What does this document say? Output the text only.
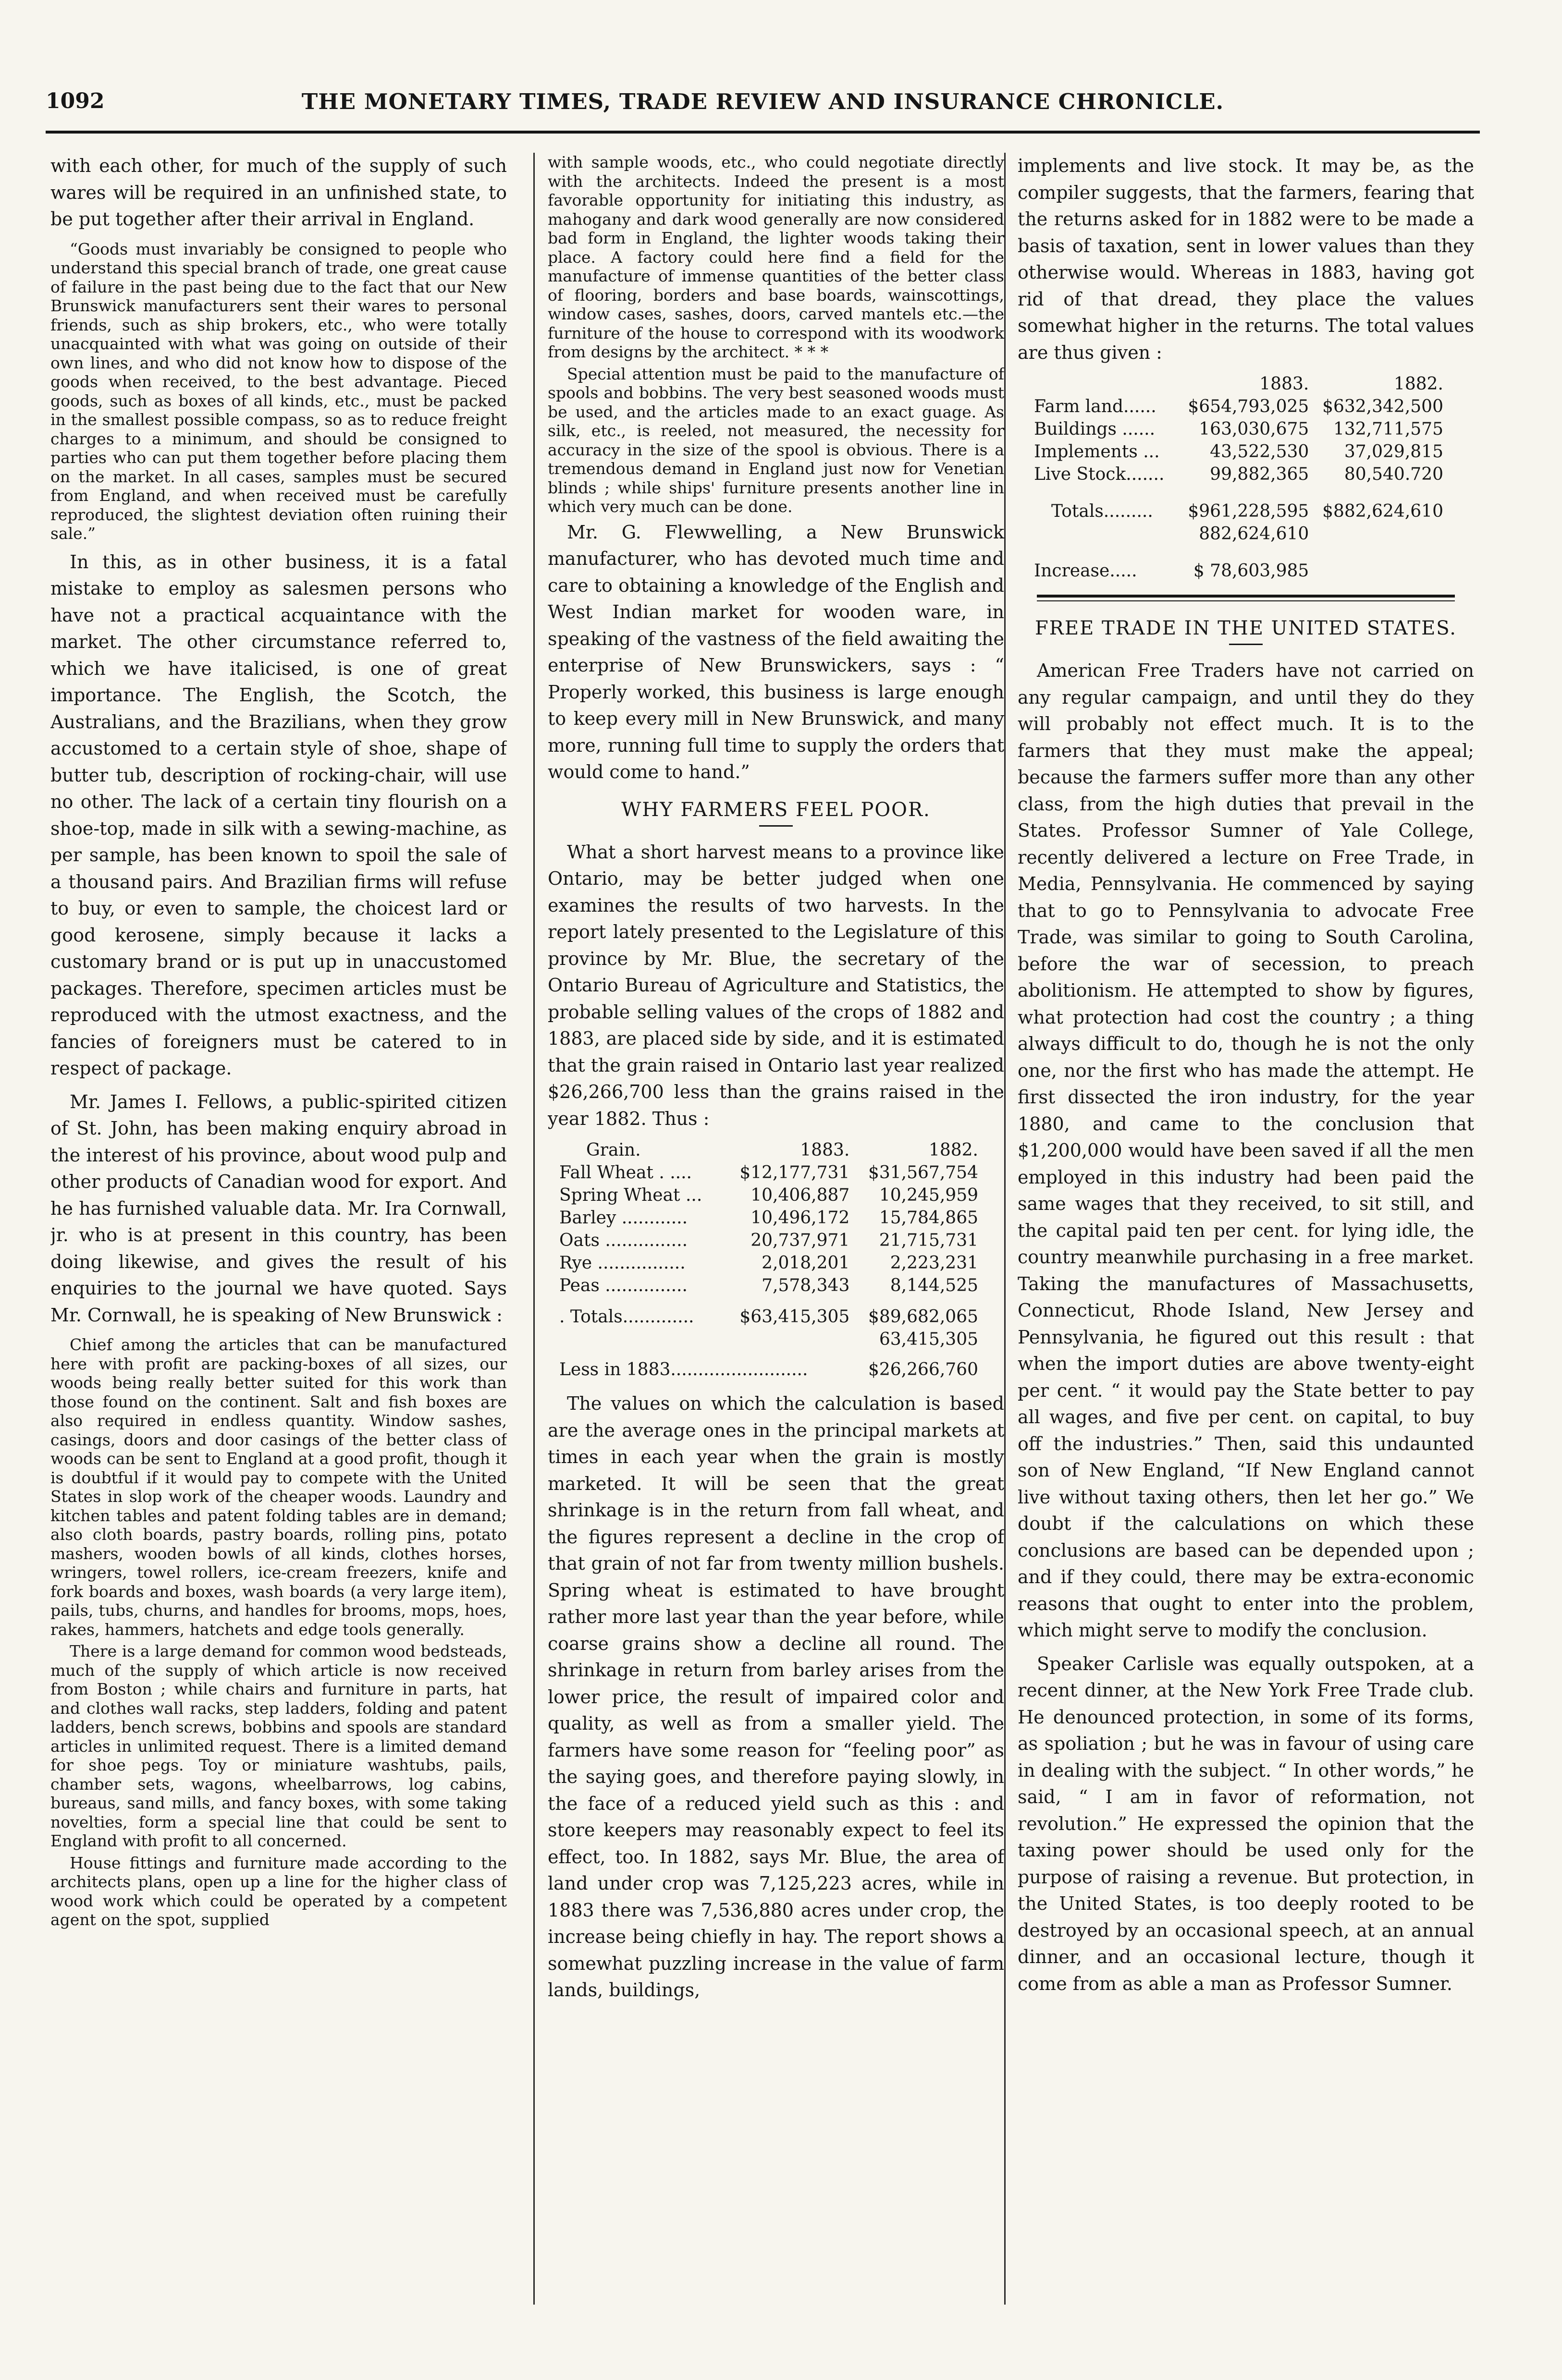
1092	THE MONETARY TIMES, TRADE REVIEW AND INSURANCE CHRONICLE.

with each other, for much of the supply of such wares will be required in an unfinished state, to be put together after their arrival in England.

“Goods must invariably be consigned to people who understand this special branch of trade, one great cause of failure in the past being due to the fact that our New Brunswick manufacturers sent their wares to personal friends, such as ship brokers, etc., who were totally unacquainted with what was going on outside of their own lines, and who did not know how to dispose of the goods when received, to the best advantage. Pieced goods, such as boxes of all kinds, etc., must be packed in the smallest possible compass, so as to reduce freight charges to a minimum, and should be consigned to parties who can put them together before placing them on the market. In all cases, samples must be secured from England, and when received must be carefully reproduced, the slightest deviation often ruining their sale.”

In this, as in other business, it is a fatal mistake to employ as salesmen persons who have not a practical acquaintance with the market. The other circumstance referred to, which we have italicised, is one of great importance. The English, the Scotch, the Australians, and the Brazilians, when they grow accustomed to a certain style of shoe, shape of butter tub, description of rocking-chair, will use no other. The lack of a certain tiny flourish on a shoe-top, made in silk with a sewing-machine, as per sample, has been known to spoil the sale of a thousand pairs. And Brazilian firms will refuse to buy, or even to sample, the choicest lard or good kerosene, simply because it lacks a customary brand or is put up in unaccustomed packages. Therefore, specimen articles must be reproduced with the utmost exactness, and the fancies of foreigners must be catered to in respect of package.

Mr. James I. Fellows, a public-spirited citizen of St. John, has been making enquiry abroad in the interest of his province, about wood pulp and other products of Canadian wood for export. And he has furnished valuable data. Mr. Ira Cornwall, jr. who is at present in this country, has been doing likewise, and gives the result of his enquiries to the journal we have quoted. Says Mr. Cornwall, he is speaking of New Brunswick :

Chief among the articles that can be manufactured here with profit are packing-boxes of all sizes, our woods being really better suited for this work than those found on the continent. Salt and fish boxes are also required in endless quantity. Window sashes, casings, doors and door casings of the better class of woods can be sent to England at a good profit, though it is doubtful if it would pay to compete with the United States in slop work of the cheaper woods. Laundry and kitchen tables and patent folding tables are in demand; also cloth boards, pastry boards, rolling pins, potato mashers, wooden bowls of all kinds, clothes horses, wringers, towel rollers, ice-cream freezers, knife and fork boards and boxes, wash boards (a very large item), pails, tubs, churns, and handles for brooms, mops, hoes, rakes, hammers, hatchets and edge tools generally.

There is a large demand for common wood bedsteads, much of the supply of which article is now received from Boston ; while chairs and furniture in parts, hat and clothes wall racks, step ladders, folding and patent ladders, bench screws, bobbins and spools are standard articles in unlimited request. There is a limited demand for shoe pegs. Toy or miniature washtubs, pails, chamber sets, wagons, wheelbarrows, log cabins, bureaus, sand mills, and fancy boxes, with some taking novelties, form a special line that could be sent to England with profit to all concerned.

House fittings and furniture made according to the architects plans, open up a line for the higher class of wood work which could be operated by a competent agent on the spot, supplied

with sample woods, etc., who could negotiate directly with the architects. Indeed the present is a most favorable opportunity for initiating this industry, as mahogany and dark wood generally are now considered bad form in England, the lighter woods taking their place. A factory could here find a field for the manufacture of immense quantities of the better class of flooring, borders and base boards, wainscottings, window cases, sashes, doors, carved mantels etc.—the furniture of the house to correspond with its woodwork from designs by the architect. * * *

Special attention must be paid to the manufacture of spools and bobbins. The very best seasoned woods must be used, and the articles made to an exact guage. As silk, etc., is reeled, not measured, the necessity for accuracy in the size of the spool is obvious. There is a tremendous demand in England just now for Venetian blinds ; while ships' furniture presents another line in which very much can be done.

Mr. G. Flewwelling, a New Brunswick manufacturer, who has devoted much time and care to obtaining a knowledge of the English and West Indian market for wooden ware, in speaking of the vastness of the field awaiting the enterprise of New Brunswickers, says : “ Properly worked, this business is large enough to keep every mill in New Brunswick, and many more, running full time to supply the orders that would come to hand.”

WHY FARMERS FEEL POOR.

What a short harvest means to a province like Ontario, may be better judged when one examines the results of two harvests. In the report lately presented to the Legislature of this province by Mr. Blue, the secretary of the Ontario Bureau of Agriculture and Statistics, the probable selling values of the crops of 1882 and 1883, are placed side by side, and it is estimated that the grain raised in Ontario last year realized $26,266,700 less than the grains raised in the year 1882. Thus :

Grain.	1883.	1882.
Fall Wheat . ....	$12,177,731	$31,567,754
Spring Wheat ...	10,406,887	10,245,959
Barley ............	10,496,172	15,784,865
Oats ...............	20,737,971	21,715,731
Rye ................	2,018,201	2,223,231
Peas ...............	7,578,343	8,144,525
. Totals.............	$63,415,305	$89,682,065
		63,415,305
Less in 1883.........................		$26,266,760

The values on which the calculation is based are the average ones in the principal markets at times in each year when the grain is mostly marketed. It will be seen that the great shrinkage is in the return from fall wheat, and the figures represent a decline in the crop of that grain of not far from twenty million bushels. Spring wheat is estimated to have brought rather more last year than the year before, while coarse grains show a decline all round. The shrinkage in return from barley arises from the lower price, the result of impaired color and quality, as well as from a smaller yield. The farmers have some reason for “feeling poor” as the saying goes, and therefore paying slowly, in the face of a reduced yield such as this : and store keepers may reasonably expect to feel its effect, too. In 1882, says Mr. Blue, the area of land under crop was 7,125,223 acres, while in 1883 there was 7,536,880 acres under crop, the increase being chiefly in hay. The report shows a somewhat puzzling increase in the value of farm lands, buildings,

implements and live stock. It may be, as the compiler suggests, that the farmers, fearing that the returns asked for in 1882 were to be made a basis of taxation, sent in lower values than they otherwise would. Whereas in 1883, having got rid of that dread, they place the values somewhat higher in the returns. The total values are thus given :

	1883.	1882.
Farm land......	$654,793,025	$632,342,500
Buildings ......	163,030,675	132,711,575
Implements ...	43,522,530	37,029,815
Live Stock.......	99,882,365	80,540.720
Totals.........	$961,228,595	$882,624,610
	882,624,610	
Increase.....	$ 78,603,985	
FREE TRADE IN THE UNITED STATES.

American Free Traders have not carried on any regular campaign, and until they do they will probably not effect much. It is to the farmers that they must make the appeal; because the farmers suffer more than any other class, from the high duties that prevail in the States. Professor Sumner of Yale College, recently delivered a lecture on Free Trade, in Media, Pennsylvania. He commenced by saying that to go to Pennsylvania to advocate Free Trade, was similar to going to South Carolina, before the war of secession, to preach abolitionism. He attempted to show by figures, what protection had cost the country ; a thing always difficult to do, though he is not the only one, nor the first who has made the attempt. He first dissected the iron industry, for the year 1880, and came to the conclusion that $1,200,000 would have been saved if all the men employed in this industry had been paid the same wages that they received, to sit still, and the capital paid ten per cent. for lying idle, the country meanwhile purchasing in a free market. Taking the manufactures of Massachusetts, Connecticut, Rhode Island, New Jersey and Pennsylvania, he figured out this result : that when the import duties are above twenty-eight per cent. “ it would pay the State better to pay all wages, and five per cent. on capital, to buy off the industries.” Then, said this undaunted son of New England, “If New England cannot live without taxing others, then let her go.” We doubt if the calculations on which these conclusions are based can be depended upon ; and if they could, there may be extra-economic reasons that ought to enter into the problem, which might serve to modify the conclusion.

Speaker Carlisle was equally outspoken, at a recent dinner, at the New York Free Trade club. He denounced protection, in some of its forms, as spoliation ; but he was in favour of using care in dealing with the subject. “ In other words,” he said, “ I am in favor of reformation, not revolution.” He expressed the opinion that the taxing power should be used only for the purpose of raising a revenue. But protection, in the United States, is too deeply rooted to be destroyed by an occasional speech, at an annual dinner, and an occasional lecture, though it come from as able a man as Professor Sumner.
